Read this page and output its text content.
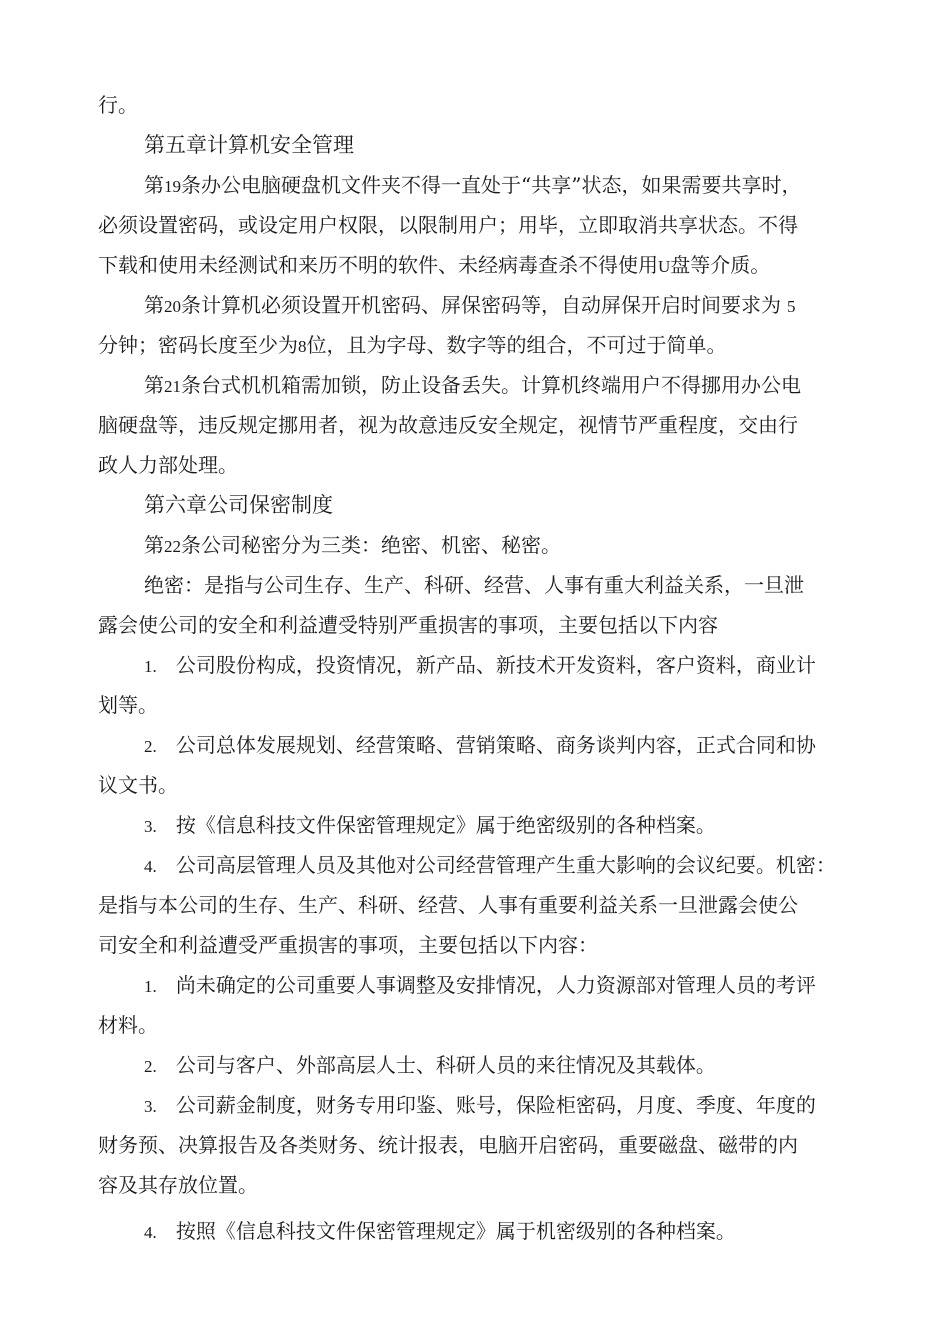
行。
第五章计算机安全管理
第19条办公电脑硬盘机文件夹不得一直处于“共享”状态，如果需要共享时，
必须设置密码，或设定用户权限，以限制用户；用毕，立即取消共享状态。不得
下载和使用未经测试和来历不明的软件、未经病毒查杀不得使用U盘等介质。
第20条计算机必须设置开机密码、屏保密码等，自动屏保开启时间要求为 5
分钟；密码长度至少为8位，且为字母、数字等的组合，不可过于简单。
第21条台式机机箱需加锁，防止设备丢失。计算机终端用户不得挪用办公电
脑硬盘等，违反规定挪用者，视为故意违反安全规定，视情节严重程度，交由行
政人力部处理。
第六章公司保密制度
第22条公司秘密分为三类：绝密、机密、秘密。
绝密：是指与公司生存、生产、科研、经营、人事有重大利益关系，一旦泄
露会使公司的安全和利益遭受特别严重损害的事项，主要包括以下内容
1. 公司股份构成，投资情况，新产品、新技术开发资料，客户资料，商业计
划等。
2. 公司总体发展规划、经营策略、营销策略、商务谈判内容，正式合同和协
议文书。
3. 按《信息科技文件保密管理规定》属于绝密级别的各种档案。
4. 公司高层管理人员及其他对公司经营管理产生重大影响的会议纪要。机密：
是指与本公司的生存、生产、科研、经营、人事有重要利益关系一旦泄露会使公
司安全和利益遭受严重损害的事项，主要包括以下内容：
1. 尚未确定的公司重要人事调整及安排情况，人力资源部对管理人员的考评
材料。
2. 公司与客户、外部高层人士、科研人员的来往情况及其载体。
3. 公司薪金制度，财务专用印鉴、账号，保险柜密码，月度、季度、年度的
财务预、决算报告及各类财务、统计报表，电脑开启密码，重要磁盘、磁带的内
容及其存放位置。
4. 按照《信息科技文件保密管理规定》属于机密级别的各种档案。
